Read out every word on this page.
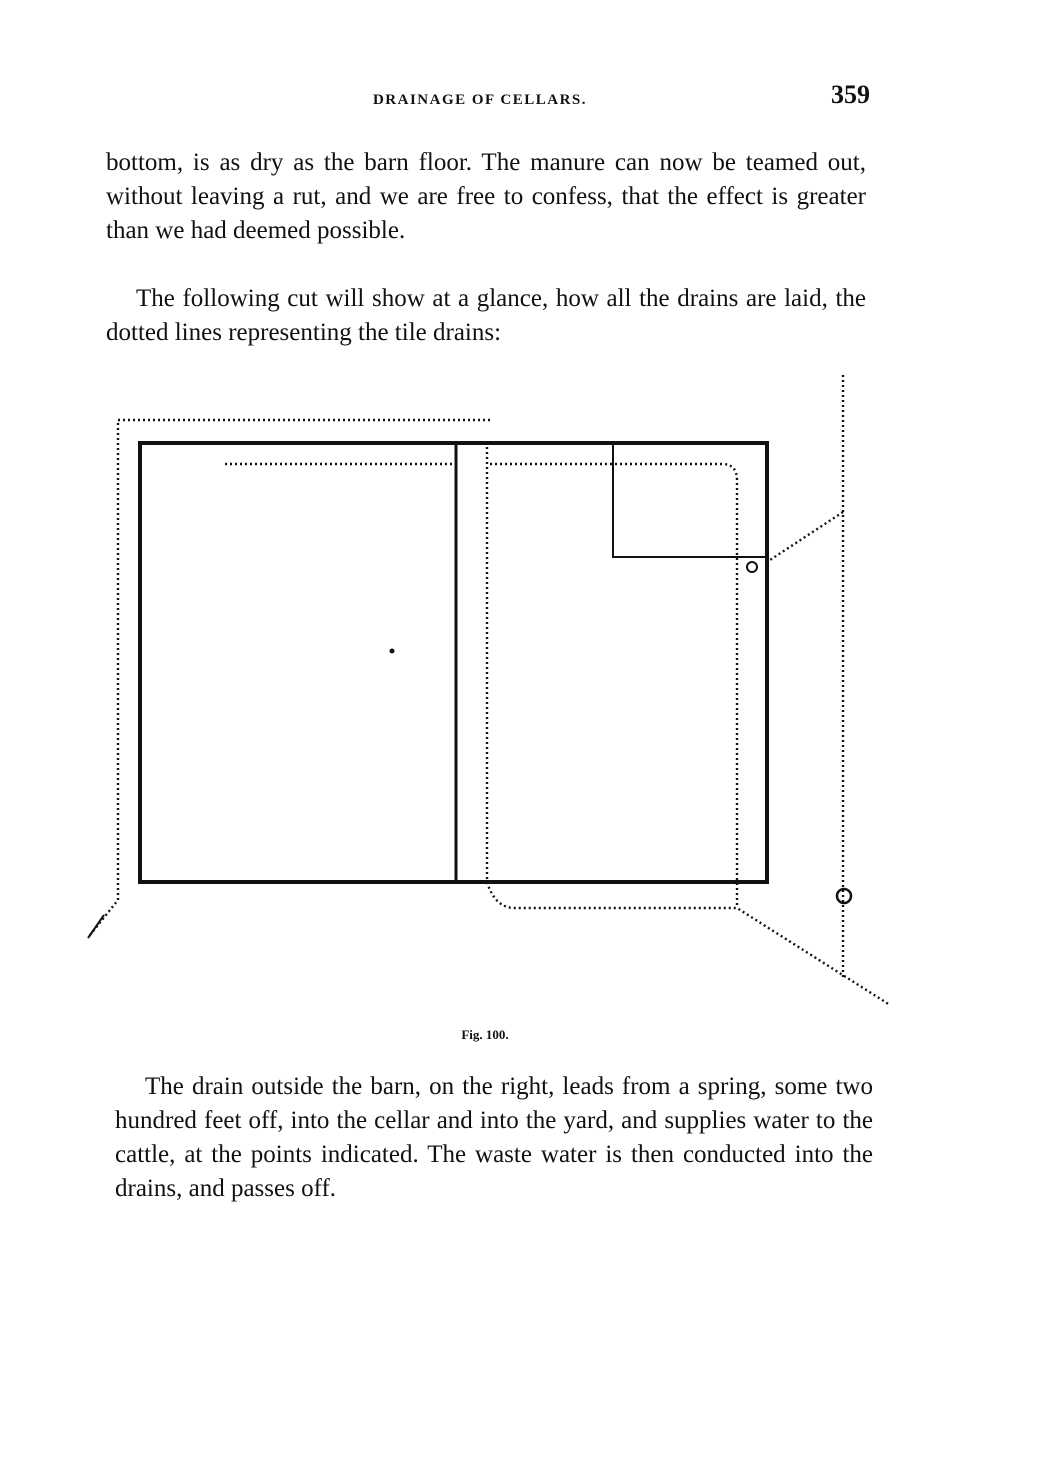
DRAINAGE OF CELLARS.	359

bottom, is as dry as the barn floor. The manure can now be teamed out, without leaving a rut, and we are free to confess, that the effect is greater than we had deemed possible.

The following cut will show at a glance, how all the drains are laid, the dotted lines representing the tile drains:

Fig. 100.

The drain outside the barn, on the right, leads from a spring, some two hundred feet off, into the cellar and into the yard, and supplies water to the cattle, at the points indicated. The waste water is then conducted into the drains, and passes off.
